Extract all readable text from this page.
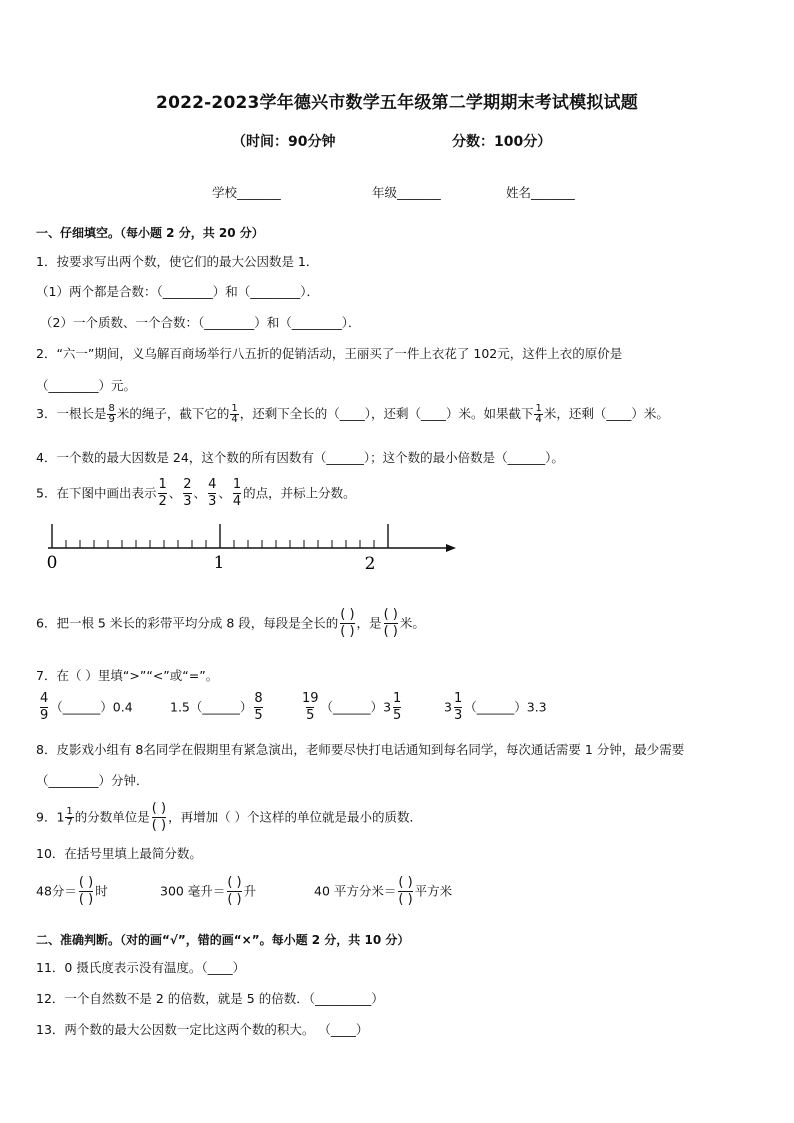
2022-2023学年德兴市数学五年级第二学期期末考试模拟试题
（时间：90分钟	分数：100分）
学校_______	年级_______	姓名_______
一、仔细填空。（每小题 2 分，共 20 分）
1．按要求写出两个数，使它们的最大公因数是 1．
（1）两个都是合数：（________）和（________）．
（2）一个质数、一个合数：（________）和（________）．
2．“六一”期间，义乌解百商场举行八五折的促销活动，王丽买了一件上衣花了 102元，这件上衣的原价是
（________）元。
3．一根长是 $\frac{8}{9}$ 米的绳子，截下它的 $\frac{1}{4}$ ，还剩下全长的（____），还剩（____）米。如果截下 $\frac{1}{4}$ 米，还剩（____）米。
4．一个数的最大因数是 24，这个数的所有因数有（______）；这个数的最小倍数是（______）。
5．在下图中画出表示 $\frac{1}{2}$ 、 $\frac{2}{3}$ 、 $\frac{4}{3}$ 、 $\frac{1}{4}$ 的点，并标上分数。
0	1	2
6．把一根 5 米长的彩带平均分成 8 段，每段是全长的 $\frac{( )}{( )}$ ，是 $\frac{( )}{( )}$ 米。
7．在（ ）里填“>”“<”或“=”。
$\frac{4}{9}$ （______）0.4	1.5（______） $\frac{8}{5}$	$\frac{19}{5}$ （______）3 $\frac{1}{5}$	$3 \frac{1}{3}$ （______）3.3
8．皮影戏小组有 8名同学在假期里有紧急演出，老师要尽快打电话通知到每名同学，每次通话需要 1 分钟，最少需要
（________）分钟．
9．$1 \frac{1}{7}$ 的分数单位是 $\frac{( )}{( )}$ ，再增加（ ）个这样的单位就是最小的质数．
10．在括号里填上最简分数。
48分＝ $\frac{( )}{( )}$ 时	300 毫升＝ $\frac{( )}{( )}$ 升	40 平方分米＝ $\frac{( )}{( )}$ 平方米
二、准确判断。（对的画“√”，错的画“×”。每小题 2 分，共 10 分）
11．0 摄氏度表示没有温度。（____）
12．一个自然数不是 2 的倍数，就是 5 的倍数．（_________）
13．两个数的最大公因数一定比这两个数的积大。 （____）
